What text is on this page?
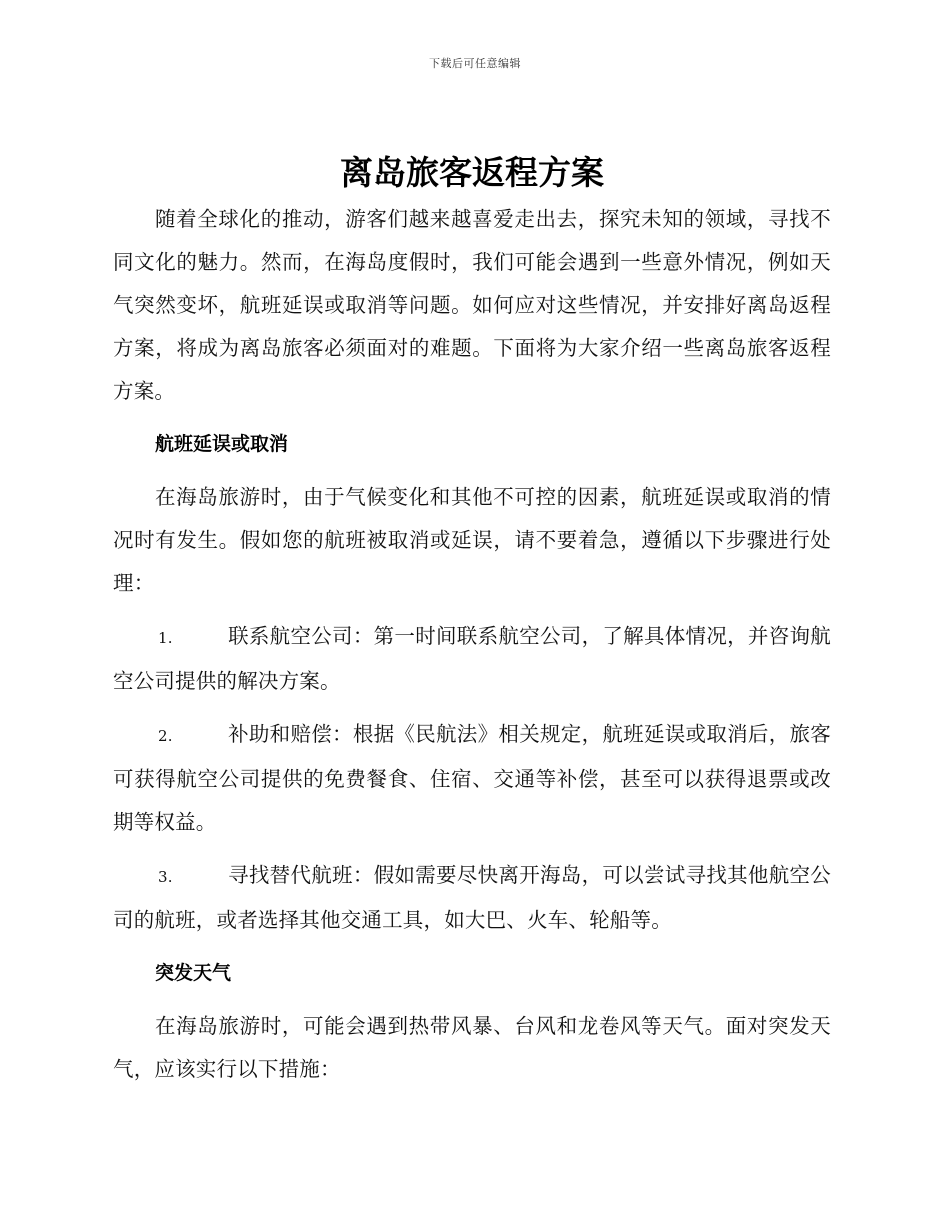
下载后可任意编辑
离岛旅客返程方案

随着全球化的推动，游客们越来越喜爱走出去，探究未知的领域，寻找不同文化的魅力。然而，在海岛度假时，我们可能会遇到一些意外情况，例如天气突然变坏，航班延误或取消等问题。如何应对这些情况，并安排好离岛返程方案，将成为离岛旅客必须面对的难题。下面将为大家介绍一些离岛旅客返程方案。

航班延误或取消

在海岛旅游时，由于气候变化和其他不可控的因素，航班延误或取消的情况时有发生。假如您的航班被取消或延误，请不要着急，遵循以下步骤进行处理：

1.	联系航空公司：第一时间联系航空公司，了解具体情况，并咨询航空公司提供的解决方案。

2.	补助和赔偿：根据《民航法》相关规定，航班延误或取消后，旅客可获得航空公司提供的免费餐食、住宿、交通等补偿，甚至可以获得退票或改期等权益。

3.	寻找替代航班：假如需要尽快离开海岛，可以尝试寻找其他航空公司的航班，或者选择其他交通工具，如大巴、火车、轮船等。

突发天气

在海岛旅游时，可能会遇到热带风暴、台风和龙卷风等天气。面对突发天气，应该实行以下措施：
